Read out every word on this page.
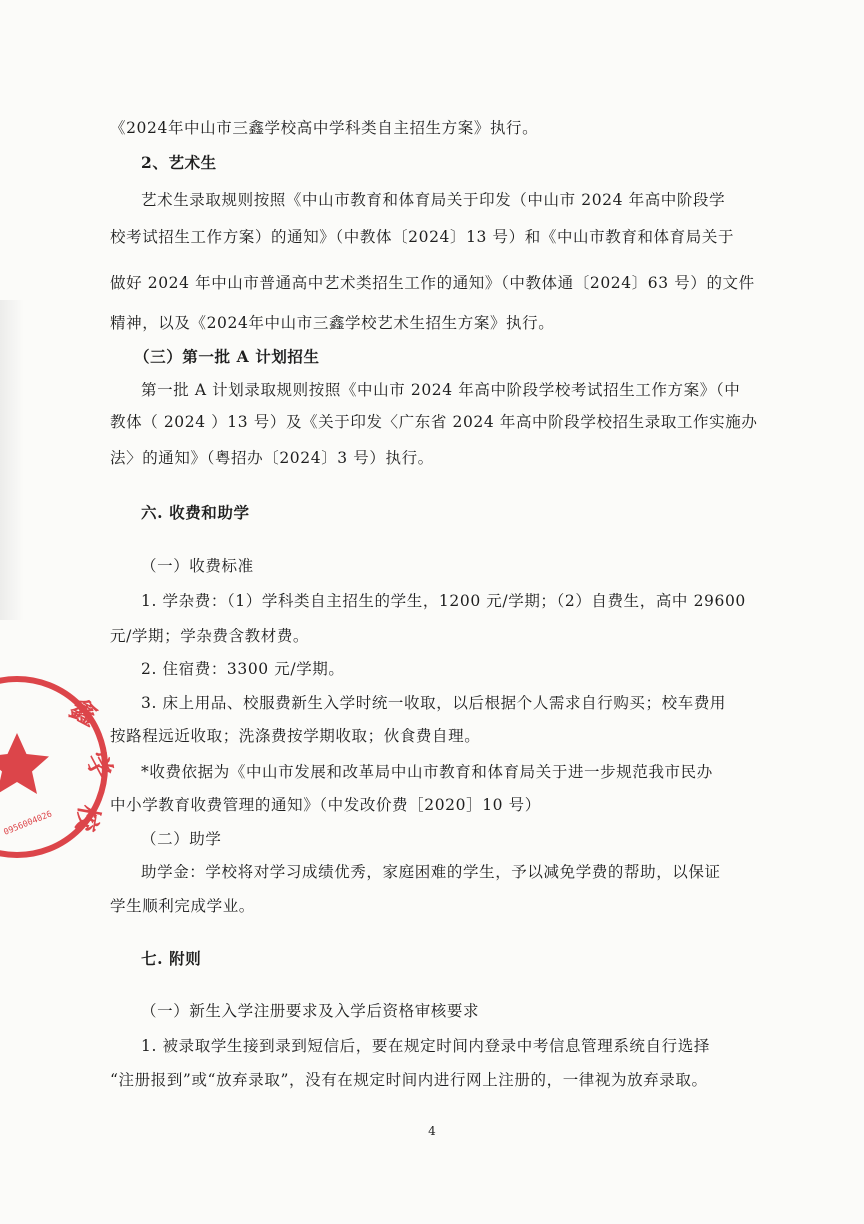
《2024年中山市三鑫学校高中学科类自主招生方案》执行。

2、艺术生

艺术生录取规则按照《中山市教育和体育局关于印发（中山市 2024 年高中阶段学

校考试招生工作方案）的通知》（中教体〔2024〕13 号）和《中山市教育和体育局关于

做好 2024 年中山市普通高中艺术类招生工作的通知》（中教体通〔2024〕63 号）的文件

精神，以及《2024年中山市三鑫学校艺术生招生方案》执行。

（三）第一批 A 计划招生

第一批 A 计划录取规则按照《中山市 2024 年高中阶段学校考试招生工作方案》（中

教体（ 2024 ）13 号）及《关于印发〈广东省 2024 年高中阶段学校招生录取工作实施办

法〉的通知》（粤招办〔2024〕3 号）执行。

六. 收费和助学

（一）收费标准

1. 学杂费：（1）学科类自主招生的学生，1200 元/学期；（2）自费生，高中 29600

元/学期；学杂费含教材费。

2. 住宿费：3300 元/学期。

3. 床上用品、校服费新生入学时统一收取，以后根据个人需求自行购买；校车费用

按路程远近收取；洗涤费按学期收取；伙食费自理。

*收费依据为《中山市发展和改革局中山市教育和体育局关于进一步规范我市民办

中小学教育收费管理的通知》（中发改价费［2020］10 号）

（二）助学

助学金：学校将对学习成绩优秀，家庭困难的学生，予以减免学费的帮助，以保证

学生顺利完成学业。

七. 附则

（一）新生入学注册要求及入学后资格审核要求

1. 被录取学生接到录到短信后，要在规定时间内登录中考信息管理系统自行选择

“注册报到”或“放弃录取”，没有在规定时间内进行网上注册的，一律视为放弃录取。

4
鑫
学
校
0956004026
